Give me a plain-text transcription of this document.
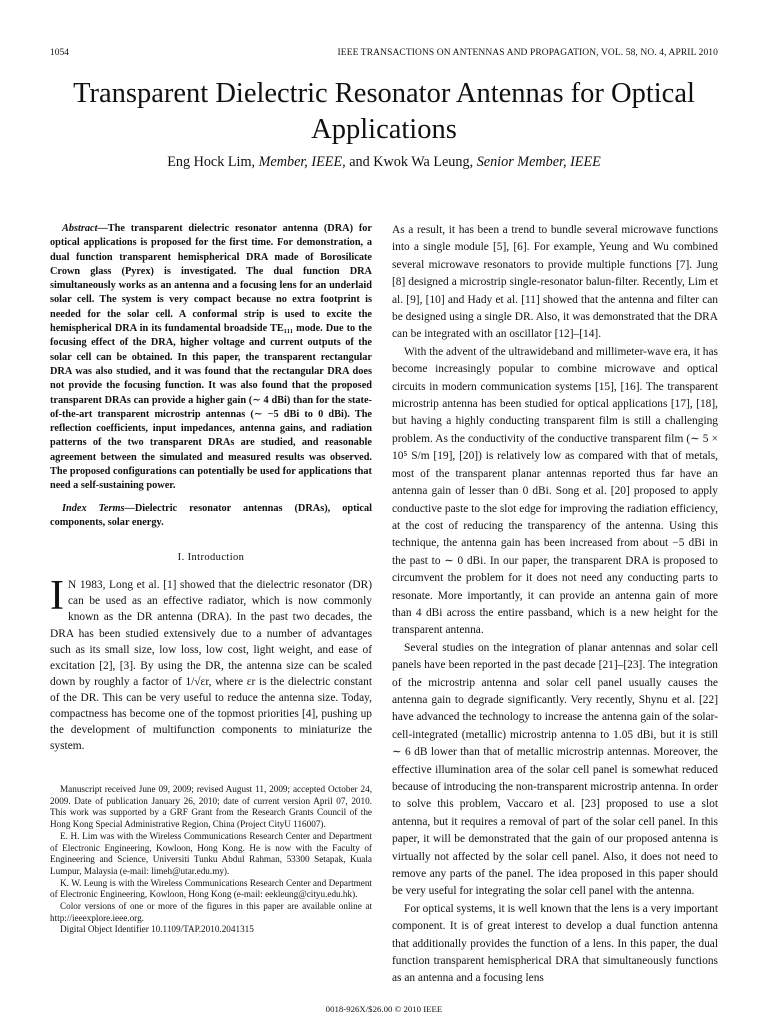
1054	IEEE TRANSACTIONS ON ANTENNAS AND PROPAGATION, VOL. 58, NO. 4, APRIL 2010
Transparent Dielectric Resonator Antennas for Optical Applications
Eng Hock Lim, Member, IEEE, and Kwok Wa Leung, Senior Member, IEEE

Abstract—The transparent dielectric resonator antenna (DRA) for optical applications is proposed for the first time. For demonstration, a dual function transparent hemispherical DRA made of Borosilicate Crown glass (Pyrex) is investigated. The dual function DRA simultaneously works as an antenna and a focusing lens for an underlaid solar cell. The system is very compact because no extra footprint is needed for the solar cell. A conformal strip is used to excite the hemispherical DRA in its fundamental broadside TE₁₁₁ mode. Due to the focusing effect of the DRA, higher voltage and current outputs of the solar cell can be obtained. In this paper, the transparent rectangular DRA was also studied, and it was found that the rectangular DRA does not provide the focusing function. It was also found that the proposed transparent DRAs can provide a higher gain (∼ 4 dBi) than for the state-of-the-art transparent microstrip antennas (∼ −5 dBi to 0 dBi). The reflection coefficients, input impedances, antenna gains, and radiation patterns of the two transparent DRAs are studied, and reasonable agreement between the simulated and measured results was observed. The proposed configurations can potentially be used for applications that need a self-sustaining power.

Index Terms—Dielectric resonator antennas (DRAs), optical components, solar energy.

I. Introduction

I N 1983, Long et al. [1] showed that the dielectric resonator (DR) can be used as an effective radiator, which is now commonly known as the DR antenna (DRA). In the past two decades, the DRA has been studied extensively due to a number of advantages such as its small size, low loss, low cost, light weight, and ease of excitation [2], [3]. By using the DR, the antenna size can be scaled down by roughly a factor of 1/√εr, where εr is the dielectric constant of the DR. This can be very useful to reduce the antenna size. Today, compactness has become one of the topmost priorities [4], pushing up the development of multifunction components to miniaturize the system.

Manuscript received June 09, 2009; revised August 11, 2009; accepted October 24, 2009. Date of publication January 26, 2010; date of current version April 07, 2010. This work was supported by a GRF Grant from the Research Grants Council of the Hong Kong Special Administrative Region, China (Project CityU 116007).

E. H. Lim was with the Wireless Communications Research Center and Department of Electronic Engineering, Kowloon, Hong Kong. He is now with the Faculty of Engineering and Science, Universiti Tunku Abdul Rahman, 53300 Setapak, Kuala Lumpur, Malaysia (e-mail: limeh@utar.edu.my).

K. W. Leung is with the Wireless Communications Research Center and Department of Electronic Engineering, Kowloon, Hong Kong (e-mail: eekleung@cityu.edu.hk).

Color versions of one or more of the figures in this paper are available online at http://ieeexplore.ieee.org.

Digital Object Identifier 10.1109/TAP.2010.2041315

As a result, it has been a trend to bundle several microwave functions into a single module [5], [6]. For example, Yeung and Wu combined several microwave resonators to provide multiple functions [7]. Jung [8] designed a microstrip single-resonator balun-filter. Recently, Lim et al. [9], [10] and Hady et al. [11] showed that the antenna and filter can be designed using a single DR. Also, it was demonstrated that the DRA can be integrated with an oscillator [12]–[14].

With the advent of the ultrawideband and millimeter-wave era, it has become increasingly popular to combine microwave and optical circuits in modern communication systems [15], [16]. The transparent microstrip antenna has been studied for optical applications [17], [18], but having a highly conducting transparent film is still a challenging problem. As the conductivity of the conductive transparent film (∼ 5 × 10⁵ S/m [19], [20]) is relatively low as compared with that of metals, most of the transparent planar antennas reported thus far have an antenna gain of lesser than 0 dBi. Song et al. [20] proposed to apply conductive paste to the slot edge for improving the radiation efficiency, at the cost of reducing the transparency of the antenna. Using this technique, the antenna gain has been increased from about −5 dBi in the past to ∼ 0 dBi. In our paper, the transparent DRA is proposed to circumvent the problem for it does not need any conducting parts to resonate. More importantly, it can provide an antenna gain of more than 4 dBi across the entire passband, which is a new height for the transparent antenna.

Several studies on the integration of planar antennas and solar cell panels have been reported in the past decade [21]–[23]. The integration of the microstrip antenna and solar cell panel usually causes the antenna gain to degrade significantly. Very recently, Shynu et al. [22] have advanced the technology to increase the antenna gain of the solar-cell-integrated (metallic) microstrip antenna to 1.05 dBi, but it is still ∼ 6 dB lower than that of metallic microstrip antennas. Moreover, the effective illumination area of the solar cell panel is somewhat reduced because of introducing the non-transparent microstrip antenna. In order to solve this problem, Vaccaro et al. [23] proposed to use a slot antenna, but it requires a removal of part of the solar cell panel. In this paper, it will be demonstrated that the gain of our proposed antenna is virtually not affected by the solar cell panel. Also, it does not need to remove any parts of the panel. The idea proposed in this paper should be very useful for integrating the solar cell panel with the antenna.

For optical systems, it is well known that the lens is a very important component. It is of great interest to develop a dual function antenna that additionally provides the function of a lens. In this paper, the dual function transparent hemispherical DRA that simultaneously functions as an antenna and a focusing lens

0018-926X/$26.00 © 2010 IEEE
